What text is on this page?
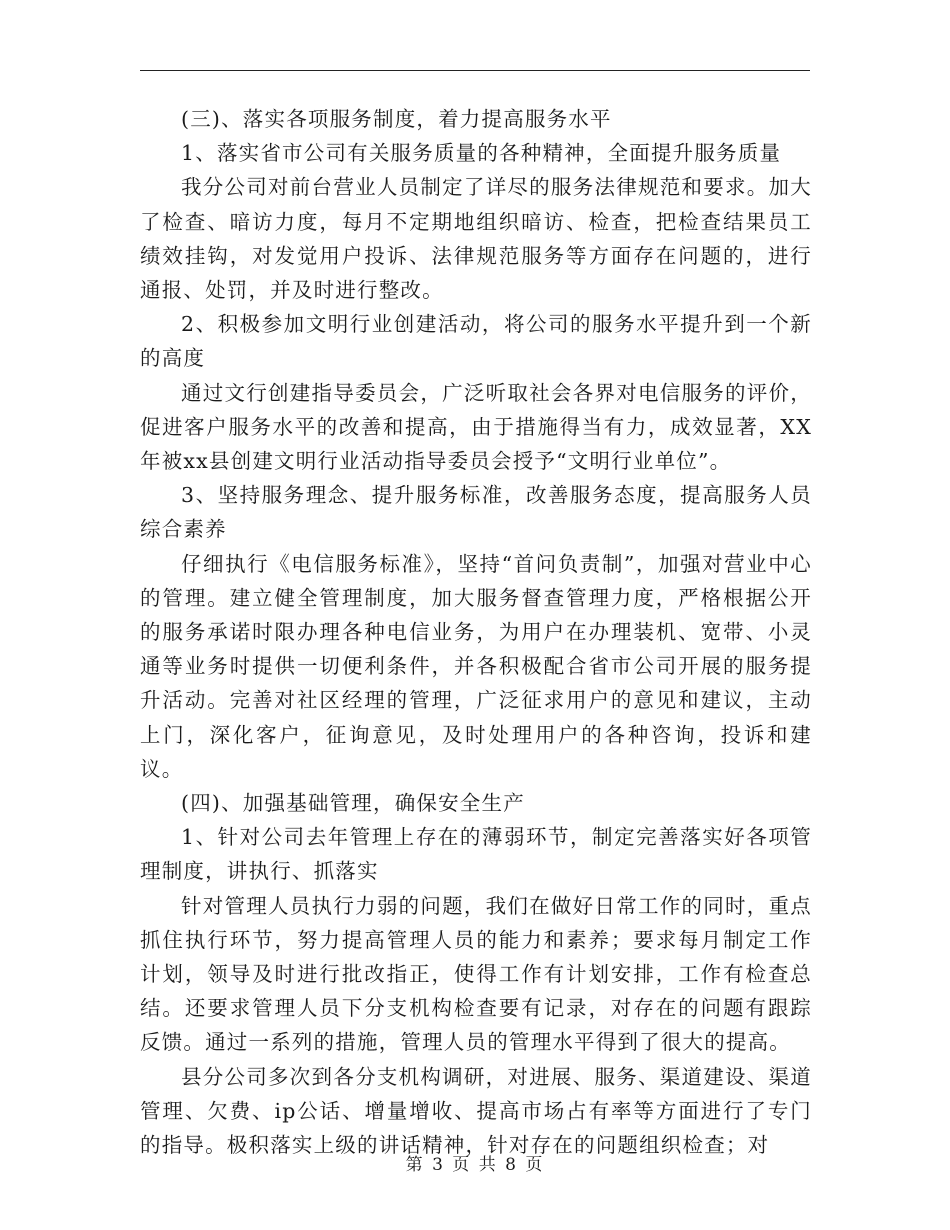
(三)、落实各项服务制度，着力提高服务水平

1、落实省市公司有关服务质量的各种精神，全面提升服务质量

我分公司对前台营业人员制定了详尽的服务法律规范和要求。加大了检查、暗访力度，每月不定期地组织暗访、检查，把检查结果员工绩效挂钩，对发觉用户投诉、法律规范服务等方面存在问题的，进行通报、处罚，并及时进行整改。

2、积极参加文明行业创建活动，将公司的服务水平提升到一个新的高度

通过文行创建指导委员会，广泛听取社会各界对电信服务的评价，促进客户服务水平的改善和提高，由于措施得当有力，成效显著，XX年被xx县创建文明行业活动指导委员会授予“文明行业单位”。

3、坚持服务理念、提升服务标准，改善服务态度，提高服务人员综合素养

仔细执行《电信服务标准》，坚持“首问负责制”，加强对营业中心的管理。建立健全管理制度，加大服务督查管理力度，严格根据公开的服务承诺时限办理各种电信业务，为用户在办理装机、宽带、小灵通等业务时提供一切便利条件，并各积极配合省市公司开展的服务提升活动。完善对社区经理的管理，广泛征求用户的意见和建议，主动上门，深化客户，征询意见，及时处理用户的各种咨询，投诉和建议。

(四)、加强基础管理，确保安全生产

1、针对公司去年管理上存在的薄弱环节，制定完善落实好各项管理制度，讲执行、抓落实

针对管理人员执行力弱的问题，我们在做好日常工作的同时，重点抓住执行环节，努力提高管理人员的能力和素养；要求每月制定工作计划，领导及时进行批改指正，使得工作有计划安排，工作有检查总结。还要求管理人员下分支机构检查要有记录，对存在的问题有跟踪反馈。通过一系列的措施，管理人员的管理水平得到了很大的提高。

县分公司多次到各分支机构调研，对进展、服务、渠道建设、渠道管理、欠费、ip公话、增量增收、提高市场占有率等方面进行了专门的指导。极积落实上级的讲话精神，针对存在的问题组织检查；对

第 3 页 共 8 页
